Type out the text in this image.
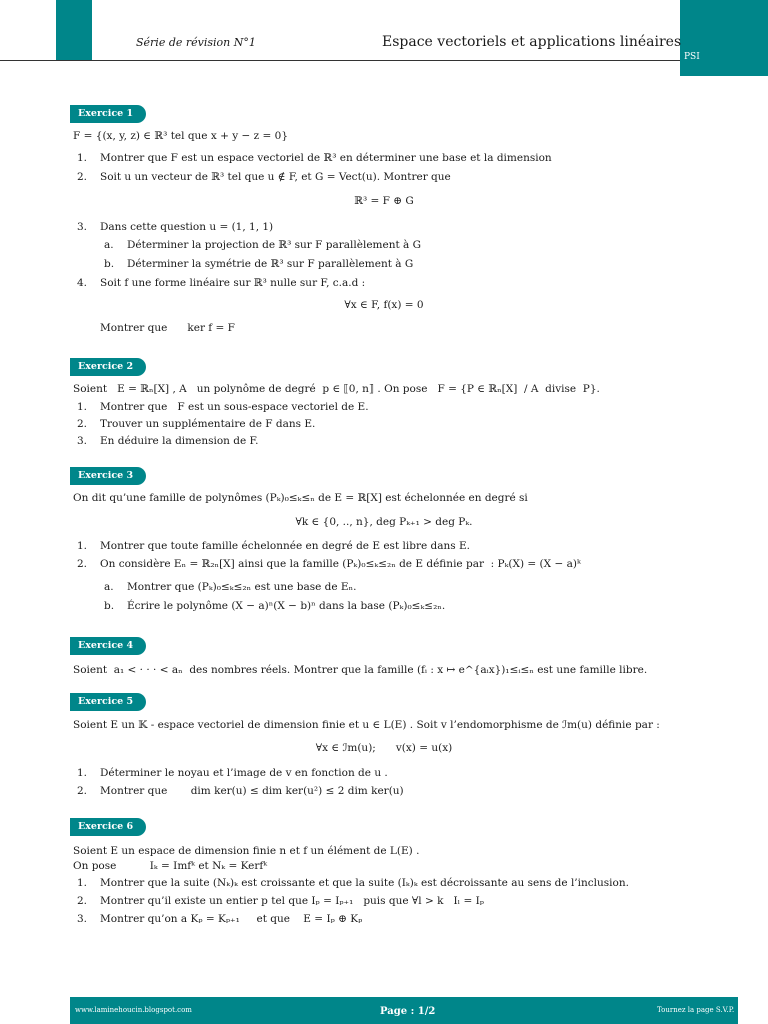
PSI
Série de révision N°1	Espace vectoriels et applications linéaires
Exercice 1
F = {(x, y, z) ∈ ℝ³ tel que x + y − z = 0}
1. Montrer que F est un espace vectoriel de ℝ³ en déterminer une base et la dimension
2. Soit u un vecteur de ℝ³ tel que u ∉ F, et G = Vect(u). Montrer que
ℝ³ = F ⊕ G
3. Dans cette question u = (1, 1, 1)
a. Déterminer la projection de ℝ³ sur F parallèlement à G
b. Déterminer la symétrie de ℝ³ sur F parallèlement à G
4. Soit f une forme linéaire sur ℝ³ nulle sur F, c.a.d :
∀x ∈ F, f(x) = 0
Montrer que      ker f = F
Exercice 2
Soient   E = ℝₙ[X] , A   un polynôme de degré  p ∈ ⟦0, n⟧ . On pose   F = {P ∈ ℝₙ[X]  / A  divise  P}.
1. Montrer que   F est un sous-espace vectoriel de E.
2. Trouver un supplémentaire de F dans E.
3. En déduire la dimension de F.
Exercice 3
On dit qu’une famille de polynômes (Pₖ)₀≤ₖ≤ₙ de E = ℝ[X] est échelonnée en degré si
∀k ∈ {0, .., n}, deg Pₖ₊₁ > deg Pₖ.
1. Montrer que toute famille échelonnée en degré de E est libre dans E.
2. On considère Eₙ = ℝ₂ₙ[X] ainsi que la famille (Pₖ)₀≤ₖ≤₂ₙ de E définie par  : Pₖ(X) = (X − a)ᵏ
a. Montrer que (Pₖ)₀≤ₖ≤₂ₙ est une base de Eₙ.
b. Écrire le polynôme (X − a)ⁿ(X − b)ⁿ dans la base (Pₖ)₀≤ₖ≤₂ₙ.
Exercice 4
Soient  a₁ < · · · < aₙ  des nombres réels. Montrer que la famille (fᵢ : x ↦ e^{aᵢx})₁≤ᵢ≤ₙ est une famille libre.
Exercice 5
Soient E un 𝕂 - espace vectoriel de dimension finie et u ∈ L(E) . Soit v l’endomorphisme de ℐm(u) définie par :
∀x ∈ ℐm(u);      v(x) = u(x)
1. Déterminer le noyau et l’image de v en fonction de u .
2. Montrer que       dim ker(u) ≤ dim ker(u²) ≤ 2 dim ker(u)
Exercice 6
Soient E un espace de dimension finie n et f un élément de L(E) .
On pose          Iₖ = Imfᵏ et Nₖ = Kerfᵏ
1. Montrer que la suite (Nₖ)ₖ est croissante et que la suite (Iₖ)ₖ est décroissante au sens de l’inclusion.
2. Montrer qu’il existe un entier p tel que Iₚ = Iₚ₊₁   puis que ∀l > k   Iₗ = Iₚ
3. Montrer qu’on a Kₚ = Kₚ₊₁     et que    E = Iₚ ⊕ Kₚ
www.laminehoucin.blogspot.com	Page : 1/2	Tournez la page S.V.P.
